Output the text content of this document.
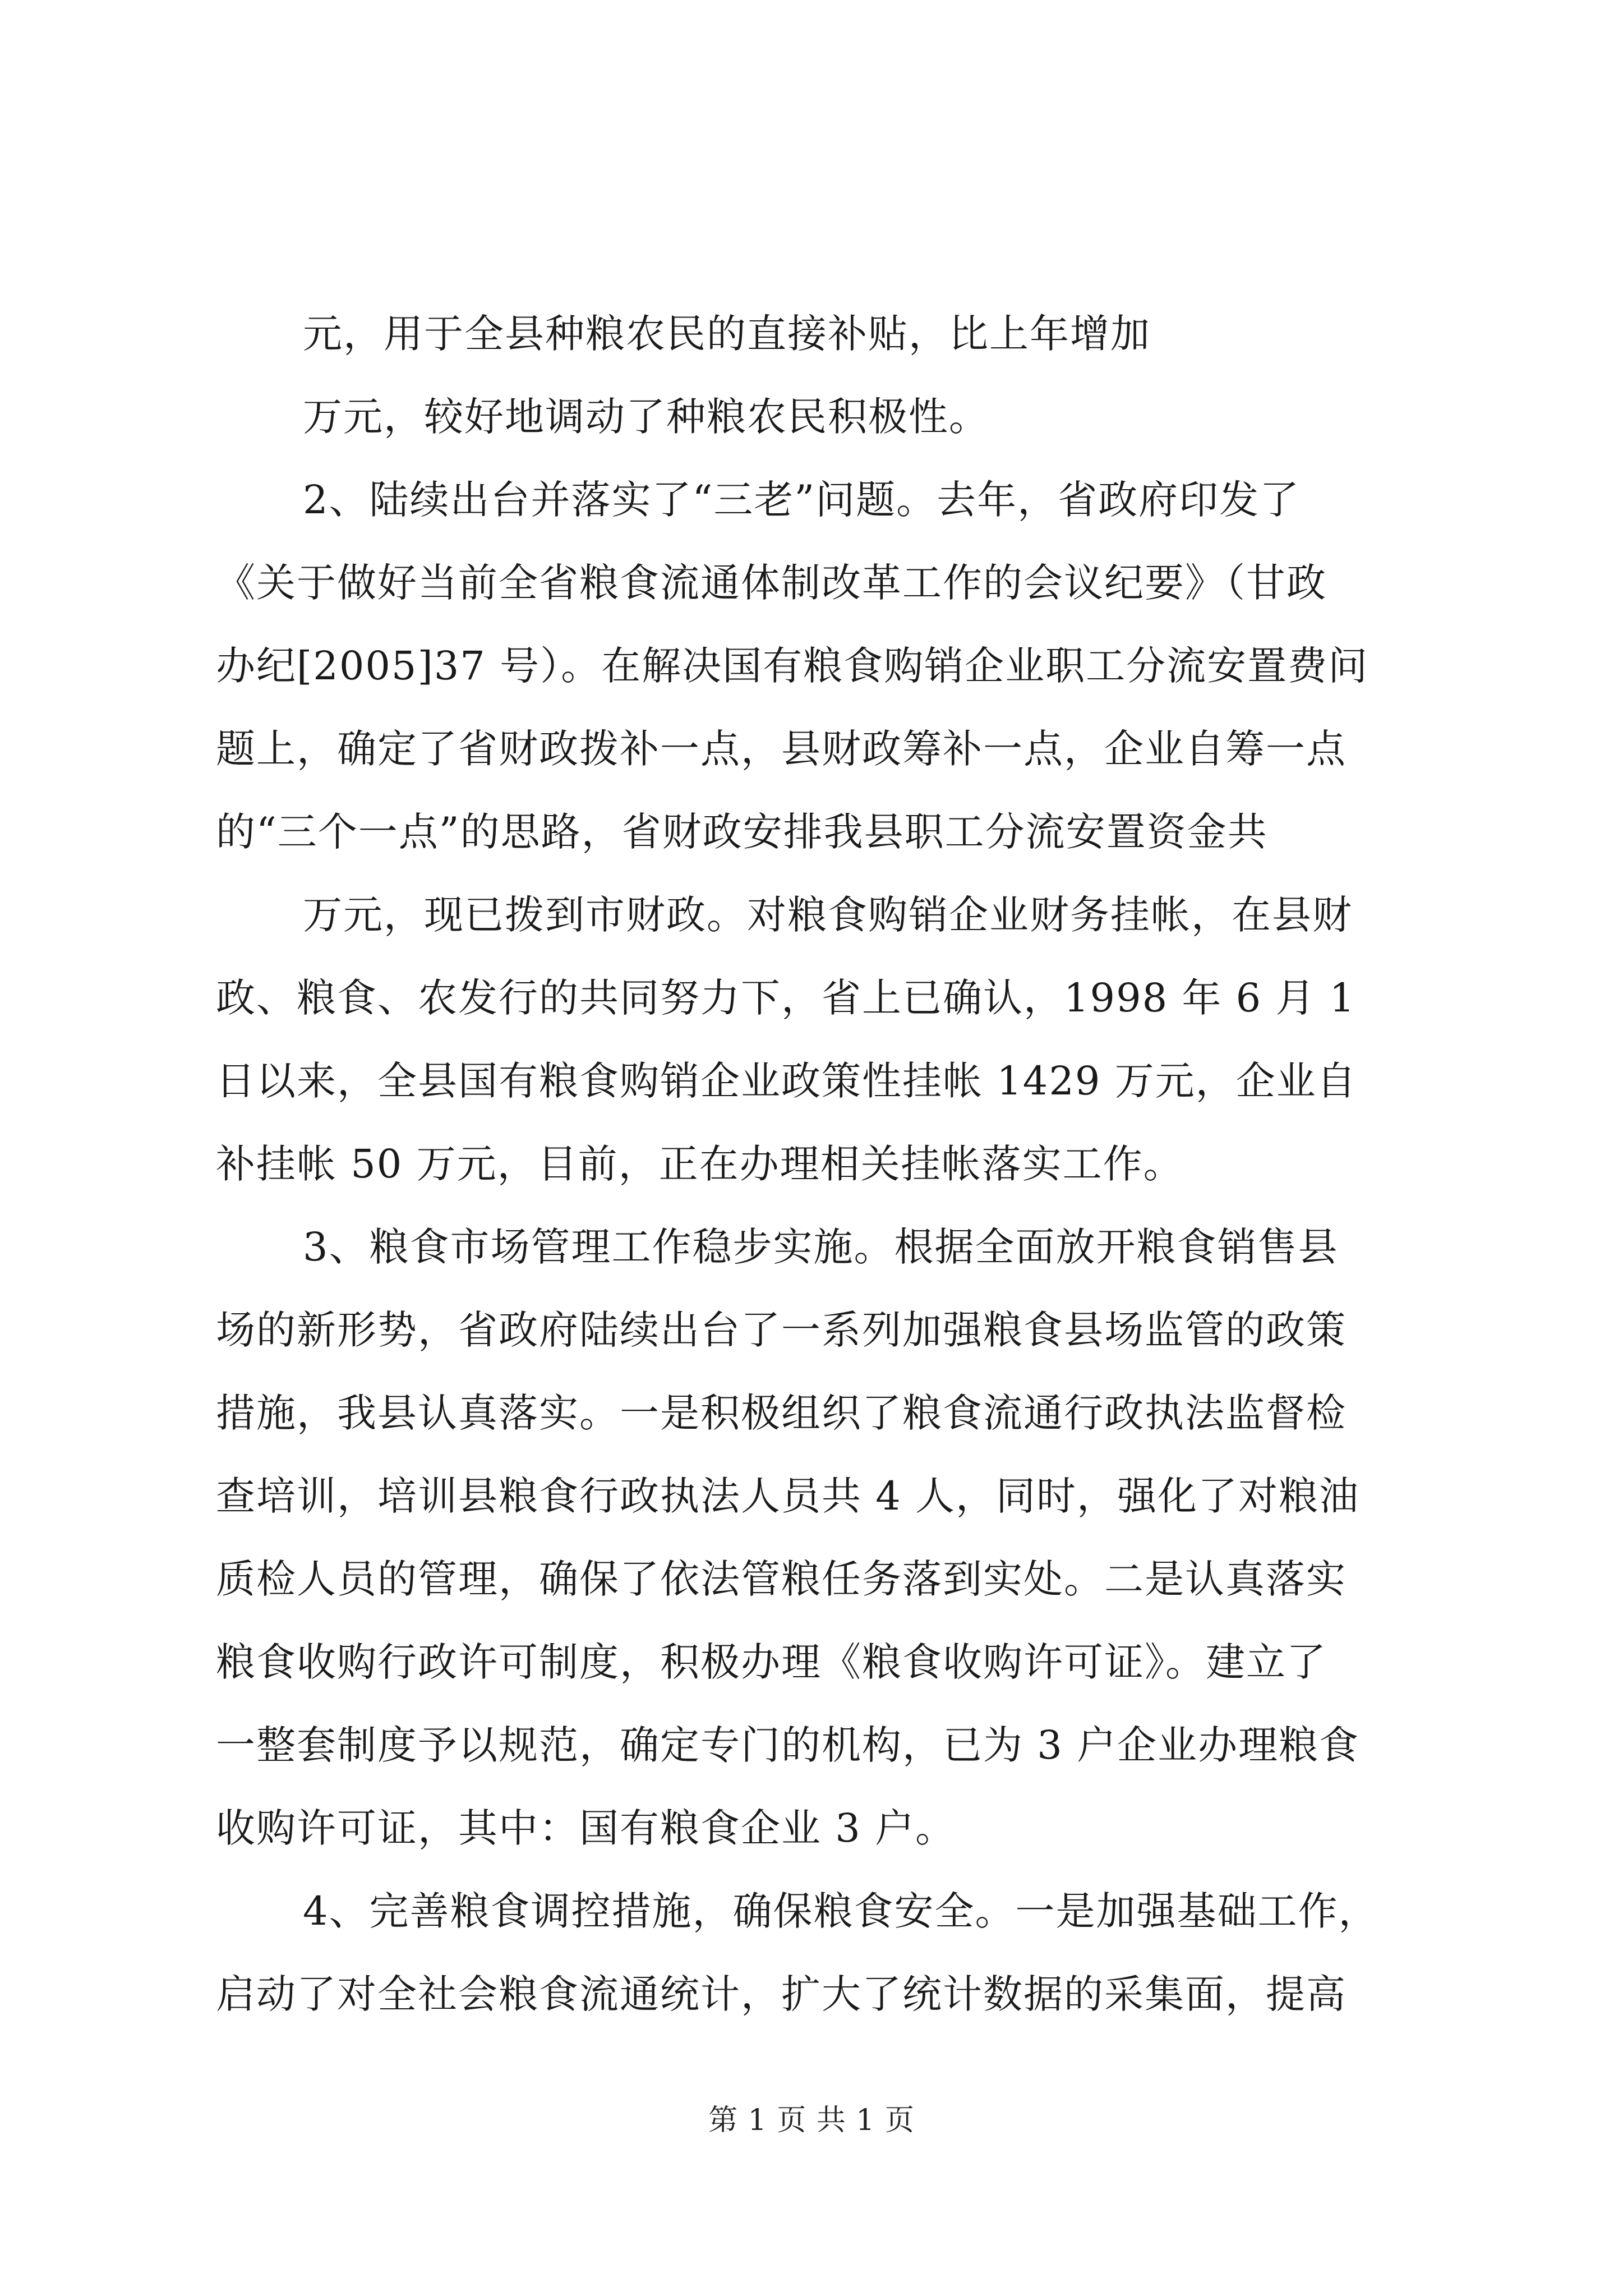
元，用于全县种粮农民的直接补贴，比上年增加
万元，较好地调动了种粮农民积极性。
2、陆续出台并落实了“三老”问题。去年，省政府印发了
《关于做好当前全省粮食流通体制改革工作的会议纪要》（甘政
办纪[2005]37 号）。在解决国有粮食购销企业职工分流安置费问
题上，确定了省财政拨补一点，县财政筹补一点，企业自筹一点
的“三个一点”的思路，省财政安排我县职工分流安置资金共
万元，现已拨到市财政。对粮食购销企业财务挂帐，在县财
政、粮食、农发行的共同努力下，省上已确认，1998 年 6 月 1
日以来，全县国有粮食购销企业政策性挂帐 1429 万元，企业自
补挂帐 50 万元，目前，正在办理相关挂帐落实工作。
3、粮食市场管理工作稳步实施。根据全面放开粮食销售县
场的新形势，省政府陆续出台了一系列加强粮食县场监管的政策
措施，我县认真落实。一是积极组织了粮食流通行政执法监督检
查培训，培训县粮食行政执法人员共 4 人，同时，强化了对粮油
质检人员的管理，确保了依法管粮任务落到实处。二是认真落实
粮食收购行政许可制度，积极办理《粮食收购许可证》。建立了
一整套制度予以规范，确定专门的机构，已为 3 户企业办理粮食
收购许可证，其中：国有粮食企业 3 户。
4、完善粮食调控措施，确保粮食安全。一是加强基础工作，
启动了对全社会粮食流通统计，扩大了统计数据的采集面，提高
第 1 页 共 1 页
